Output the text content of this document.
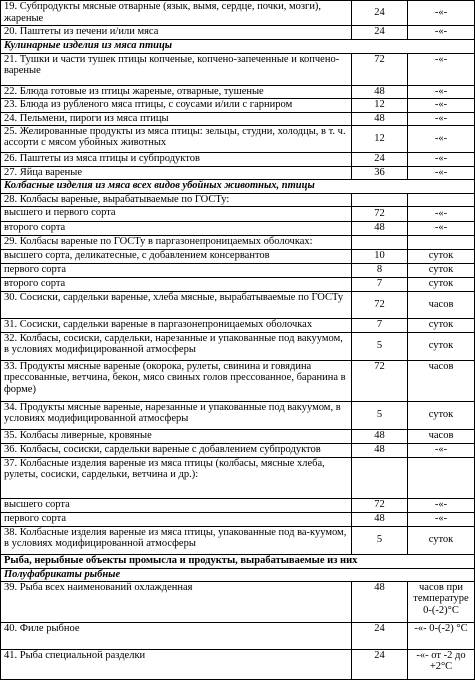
19. Субпродукты мясные отварные (язык, вымя, сердце, почки, мозги), жареные	24	-«-
20. Паштеты из печени и/или мяса	24	-«-
Кулинарные изделия из мяса птицы		
21. Тушки и части тушек птицы копченые, копчено-запеченные и копчено-вареные	72	-«-
22. Блюда готовые из птицы жареные, отварные, тушеные	48	-«-
23. Блюда из рубленого мяса птицы, с соусами и/или с гарниром	12	-«-
24. Пельмени, пироги из мяса птицы	48	-«-
25. Желированные продукты из мяса птицы: зельцы, студни, холодцы, в т. ч. ассорти с мясом убойных животных	12	-«-
26. Паштеты из мяса птицы и субпродуктов	24	-«-
27. Яйца вареные	36	-«-
Колбасные изделия из мяса всех видов убойных животных, птицы		
28. Колбасы вареные, вырабатываемые по ГОСТу:		
высшего и первого сорта	72	-«-
второго сорта	48	-«-
29. Колбасы вареные по ГОСТу в паргазонепроницаемых оболочках:		
высшего сорта, деликатесные, с добавлением консервантов	10	суток
первого сорта	8	суток
второго сорта	7	суток
30. Сосиски, сардельки вареные, хлеба мясные, вырабатываемые по ГОСТу	72	часов
31. Сосиски, сардельки вареные в паргазонепроницаемых оболочках	7	суток
32. Колбасы, сосиски, сардельки, нарезанные и упакованные под вакуумом, в условиях модифицированной атмосферы	5	суток
33. Продукты мясные вареные (окорока, рулеты, свинина и говядина прессованные, ветчина, бекон, мясо свиных голов прессованное, баранина в форме)	72	часов
34. Продукты мясные вареные, нарезанные и упакованные под вакуумом, в условиях модифицированной атмосферы	5	суток
35. Колбасы ливерные, кровяные	48	часов
36. Колбасы, сосиски, сардельки вареные с добавлением субпродуктов	48	-«-
37. Колбасные изделия вареные из мяса птицы (колбасы, мясные хлеба, рулеты, сосиски, сардельки, ветчина и др.):		
высшего сорта	72	-«-
первого сорта	48	-«-
38. Колбасные изделия вареные из мяса птицы, упакованные под ва-куумом, в условиях модифицированной атмосферы	5	суток
Рыба, нерыбные объекты промысла и продукты, вырабатываемые из них		
Полуфабрикаты рыбные		
39. Рыба всех наименований охлажденная	48	часов при температуре 0-(-2)°С
40. Филе рыбное	24	-«- 0-(-2) °С
41. Рыба специальной разделки	24	-«- от -2 до +2°С
